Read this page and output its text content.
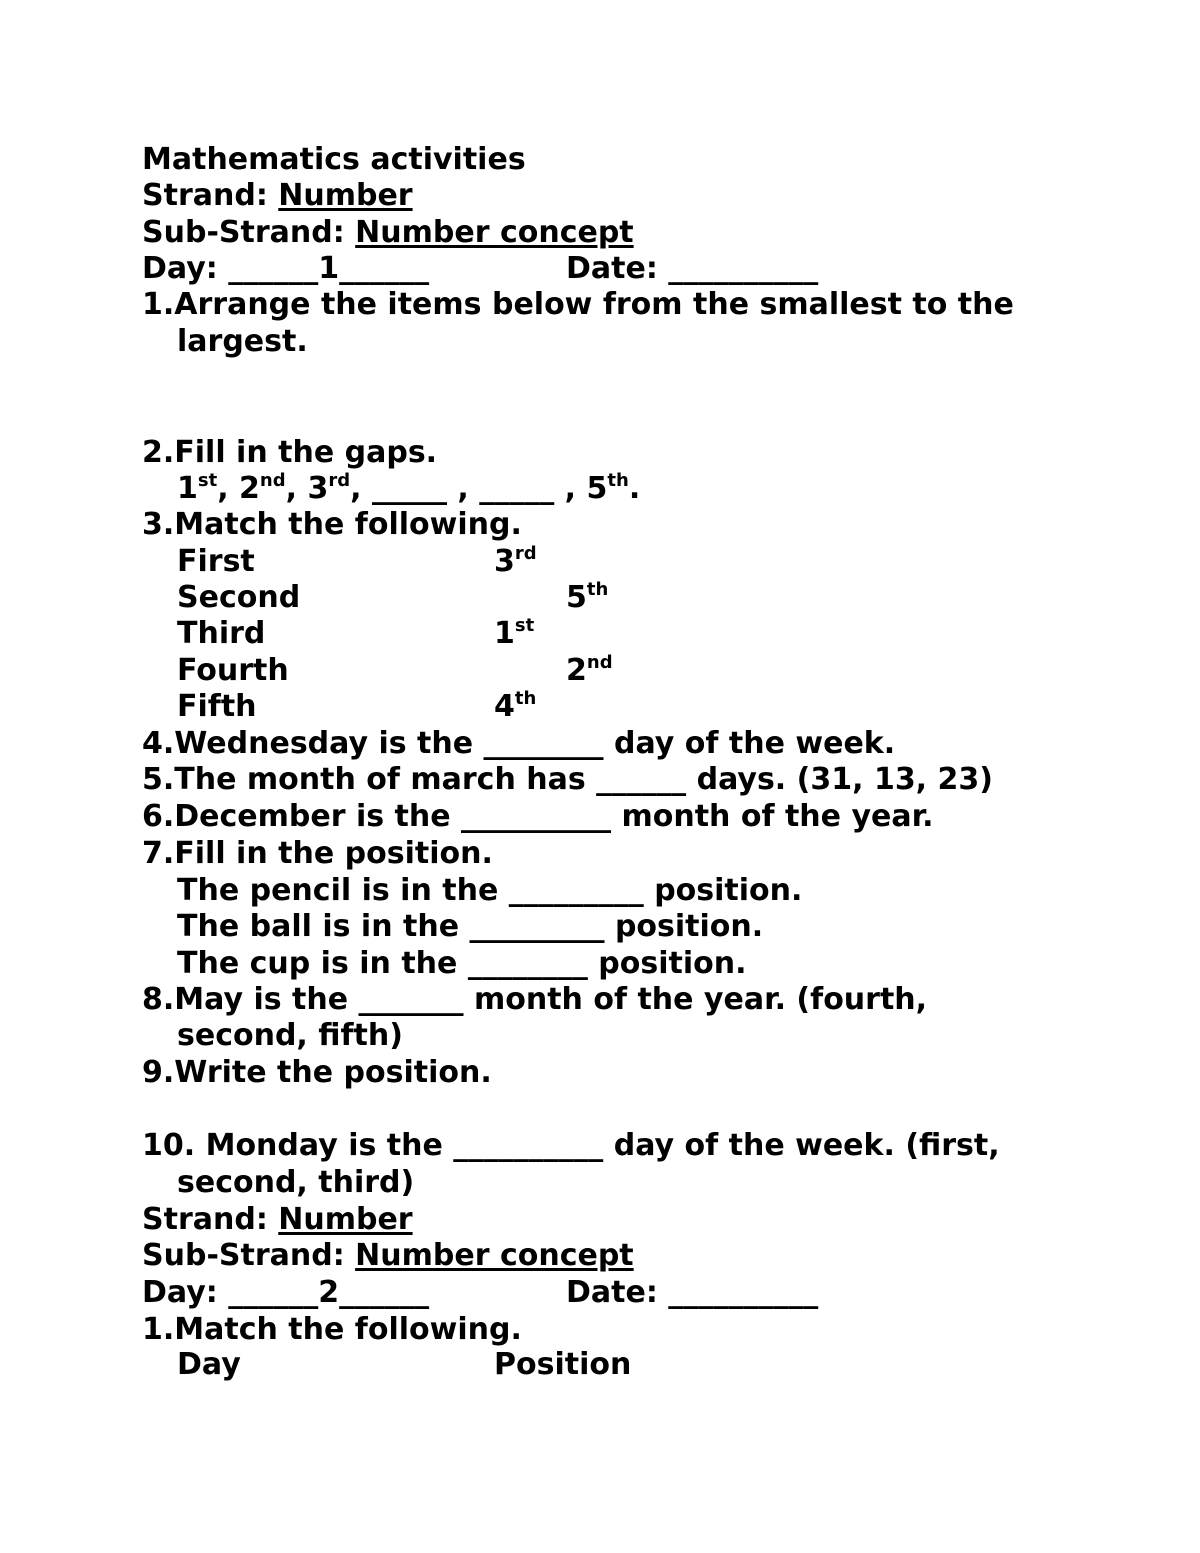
Mathematics activities
Strand: Number
Sub-Strand: Number concept
Day: ______1______	Date: __________
1.Arrange the items below from the smallest to the
largest.
2.Fill in the gaps.
1st, 2nd, 3rd, _____ , _____ , 5th.
3.Match the following.
First	3rd
Second	5th
Third	1st
Fourth	2nd
Fifth	4th
4.Wednesday is the ________ day of the week.
5.The month of march has ______ days. (31, 13, 23)
6.December is the __________ month of the year.
7.Fill in the position.
The pencil is in the _________ position.
The ball is in the _________ position.
The cup is in the ________ position.
8.May is the _______ month of the year. (fourth,
second, fifth)
9.Write the position.
10. Monday is the __________ day of the week. (first,
second, third)
Strand: Number
Sub-Strand: Number concept
Day: ______2______	Date: __________
1.Match the following.
Day	Position
